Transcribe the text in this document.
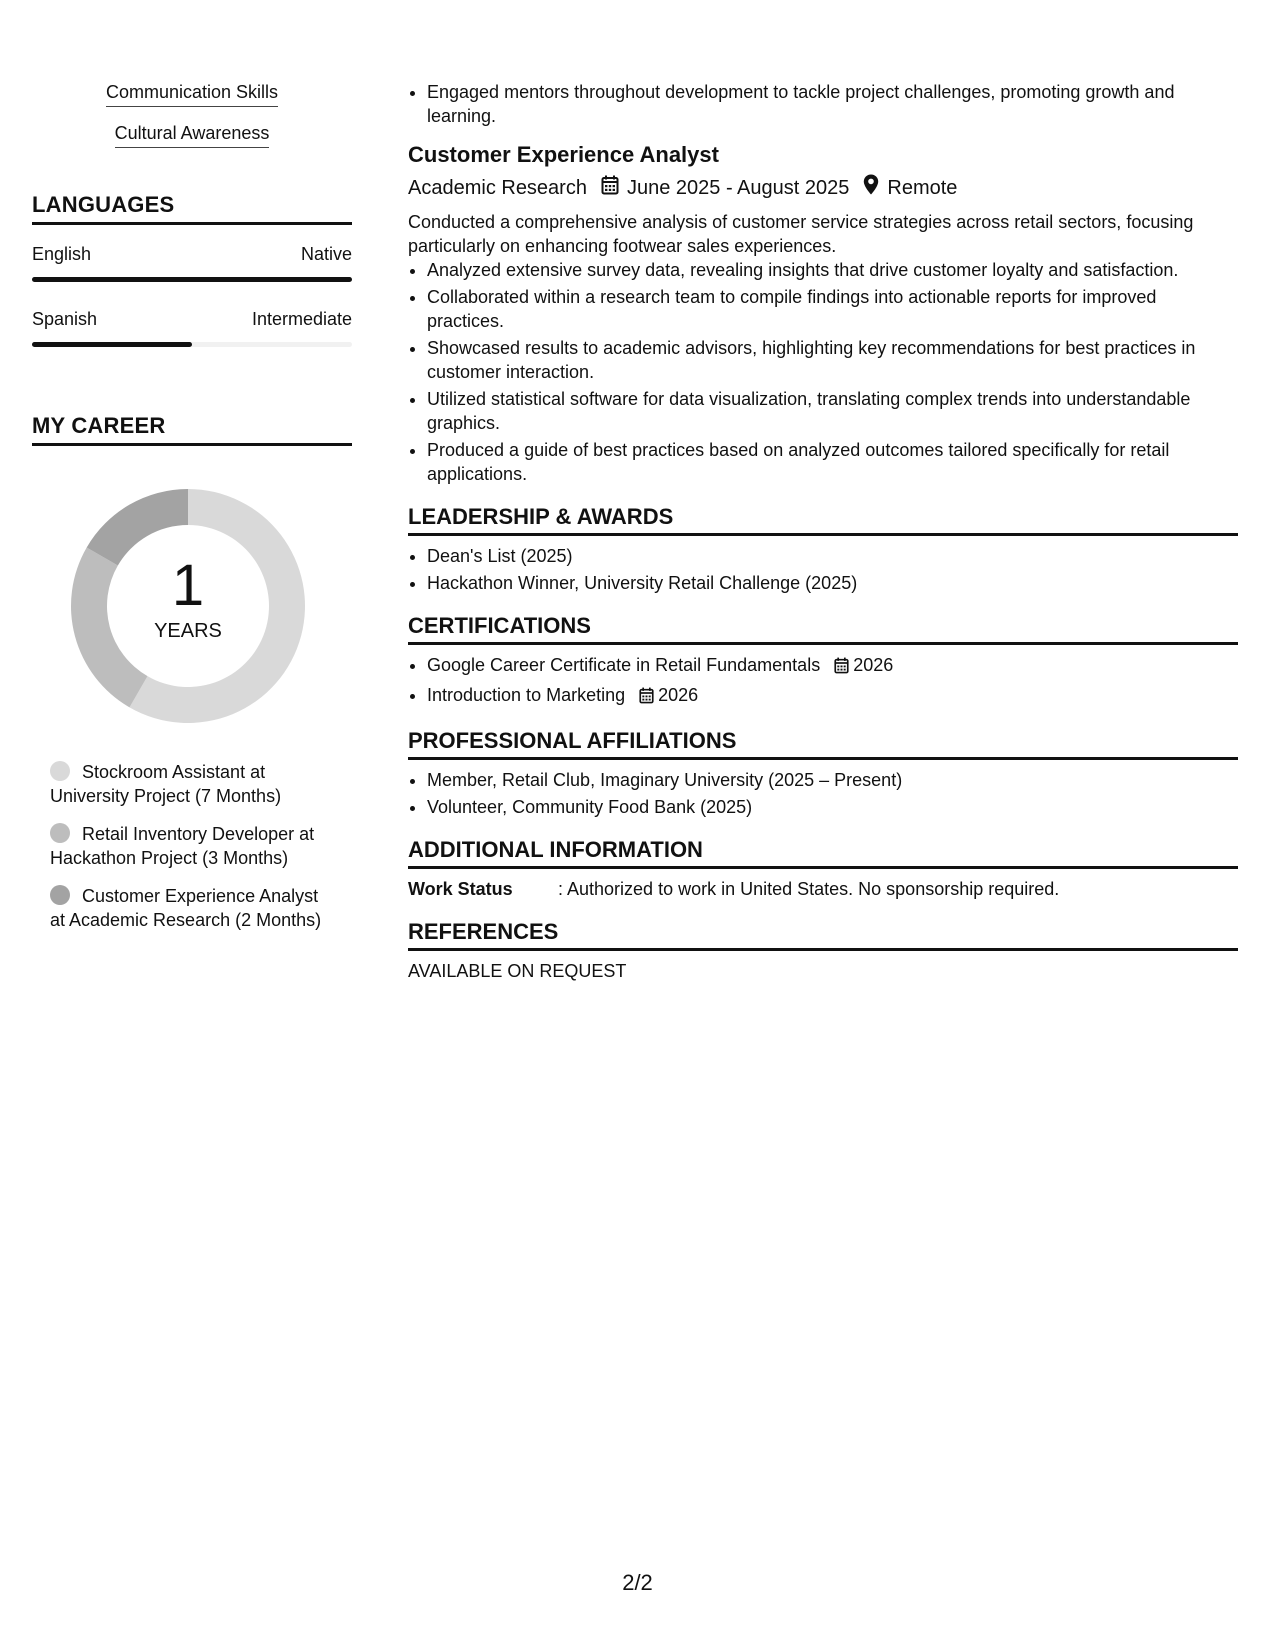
Communication Skills
Cultural Awareness
LANGUAGES
English	Native
Spanish	Intermediate
MY CAREER
1
YEARS
Stockroom Assistant at University Project (7 Months)
Retail Inventory Developer at Hackathon Project (3 Months)
Customer Experience Analyst at Academic Research (2 Months)
• Engaged mentors throughout development to tackle project challenges, promoting growth and learning.
Customer Experience Analyst
Academic Research June 2025 - August 2025 Remote
Conducted a comprehensive analysis of customer service strategies across retail sectors, focusing particularly on enhancing footwear sales experiences.
• Analyzed extensive survey data, revealing insights that drive customer loyalty and satisfaction.
• Collaborated within a research team to compile findings into actionable reports for improved practices.
• Showcased results to academic advisors, highlighting key recommendations for best practices in customer interaction.
• Utilized statistical software for data visualization, translating complex trends into understandable graphics.
• Produced a guide of best practices based on analyzed outcomes tailored specifically for retail applications.
LEADERSHIP & AWARDS
• Dean's List (2025)
• Hackathon Winner, University Retail Challenge (2025)
CERTIFICATIONS
• Google Career Certificate in Retail Fundamentals 2026
• Introduction to Marketing 2026
PROFESSIONAL AFFILIATIONS
• Member, Retail Club, Imaginary University (2025 – Present)
• Volunteer, Community Food Bank (2025)
ADDITIONAL INFORMATION
Work Status	: Authorized to work in United States. No sponsorship required.
REFERENCES
AVAILABLE ON REQUEST
2/2
